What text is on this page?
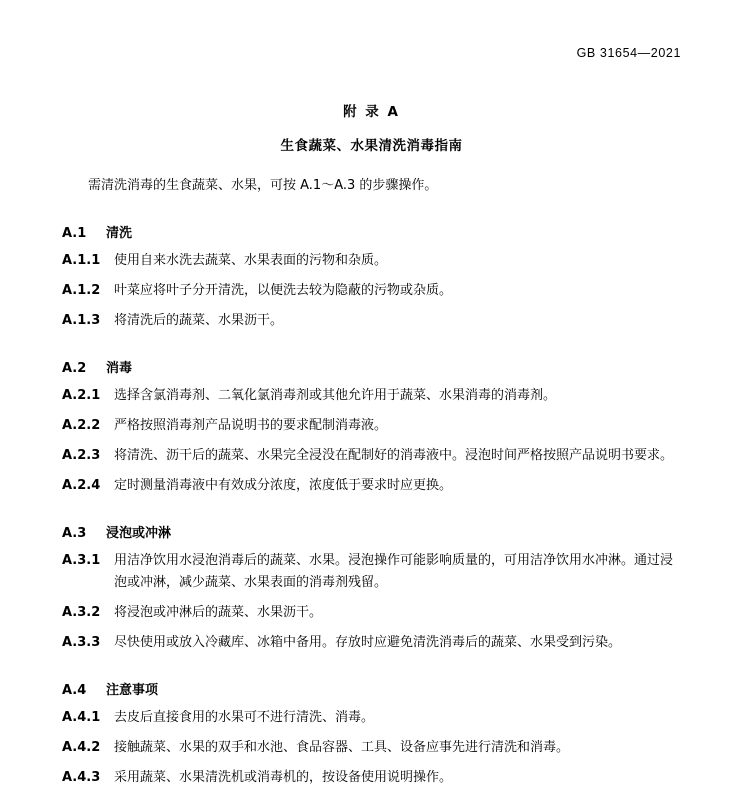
GB 31654—2021
附 录 A
生食蔬菜、水果清洗消毒指南
需清洗消毒的生食蔬菜、水果，可按 A.1～A.3 的步骤操作。
A.1 清洗
A.1.1 使用自来水洗去蔬菜、水果表面的污物和杂质。
A.1.2 叶菜应将叶子分开清洗，以便洗去较为隐蔽的污物或杂质。
A.1.3 将清洗后的蔬菜、水果沥干。
A.2 消毒
A.2.1 选择含氯消毒剂、二氧化氯消毒剂或其他允许用于蔬菜、水果消毒的消毒剂。
A.2.2 严格按照消毒剂产品说明书的要求配制消毒液。
A.2.3 将清洗、沥干后的蔬菜、水果完全浸没在配制好的消毒液中。浸泡时间严格按照产品说明书要求。
A.2.4 定时测量消毒液中有效成分浓度，浓度低于要求时应更换。
A.3 浸泡或冲淋
A.3.1 用洁净饮用水浸泡消毒后的蔬菜、水果。浸泡操作可能影响质量的，可用洁净饮用水冲淋。通过浸泡或冲淋，减少蔬菜、水果表面的消毒剂残留。
A.3.2 将浸泡或冲淋后的蔬菜、水果沥干。
A.3.3 尽快使用或放入冷藏库、冰箱中备用。存放时应避免清洗消毒后的蔬菜、水果受到污染。
A.4 注意事项
A.4.1 去皮后直接食用的水果可不进行清洗、消毒。
A.4.2 接触蔬菜、水果的双手和水池、食品容器、工具、设备应事先进行清洗和消毒。
A.4.3 采用蔬菜、水果清洗机或消毒机的，按设备使用说明操作。
